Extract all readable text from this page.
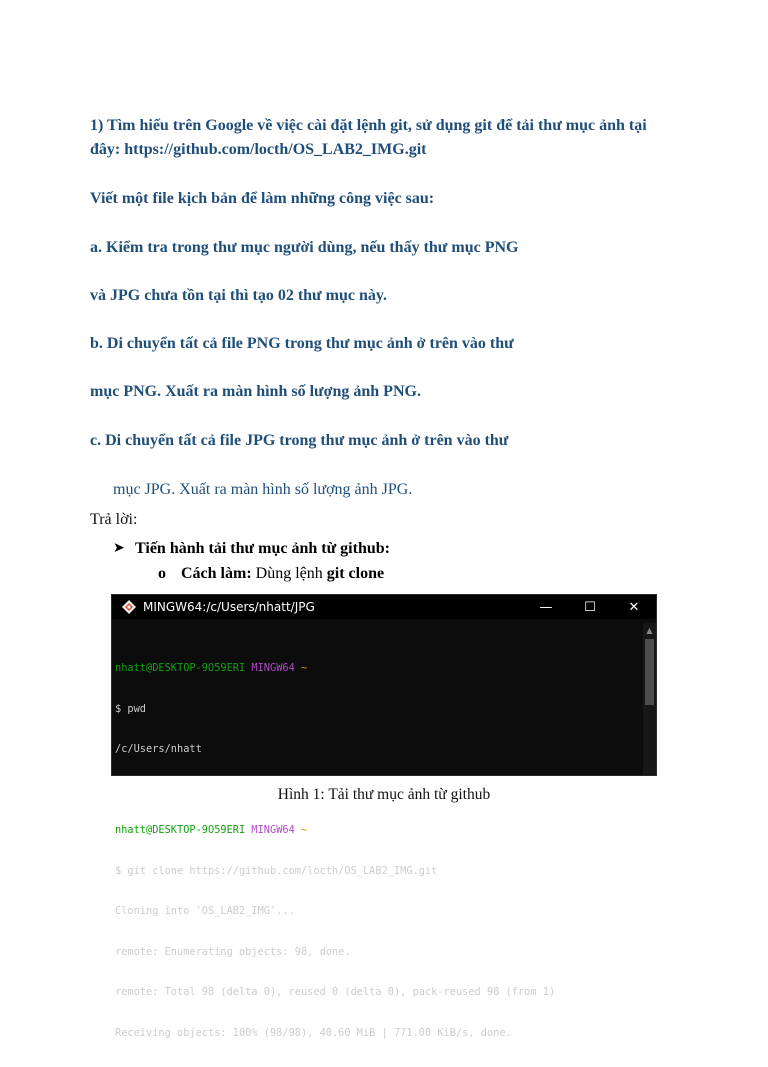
1) Tìm hiểu trên Google về việc cài đặt lệnh git, sử dụng git để tải thư mục ảnh tại
đây: https://github.com/locth/OS_LAB2_IMG.git

Viết một file kịch bản để làm những công việc sau:

a. Kiểm tra trong thư mục người dùng, nếu thấy thư mục PNG

và JPG chưa tồn tại thì tạo 02 thư mục này.

b. Di chuyển tất cả file PNG trong thư mục ảnh ở trên vào thư

mục PNG. Xuất ra màn hình số lượng ảnh PNG.

c. Di chuyển tất cả file JPG trong thư mục ảnh ở trên vào thư

mục JPG. Xuất ra màn hình số lượng ảnh JPG.

Trả lời:

➤ Tiến hành tải thư mục ảnh từ github:
o Cách làm: Dùng lệnh git clone
MINGW64:/c/Users/nhatt/JPG	—	☐	✕

nhatt@DESKTOP-9O59ERI MINGW64 ~

$ pwd

/c/Users/nhatt

nhatt@DESKTOP-9O59ERI MINGW64 ~

$ git clone https://github.com/locth/OS_LAB2_IMG.git

Cloning into 'OS_LAB2_IMG'...

remote: Enumerating objects: 98, done.

remote: Total 98 (delta 0), reused 0 (delta 0), pack-reused 98 (from 1)

Receiving objects: 100% (98/98), 40.60 MiB | 771.00 KiB/s, done.

▲
Hình 1: Tải thư mục ảnh từ github
